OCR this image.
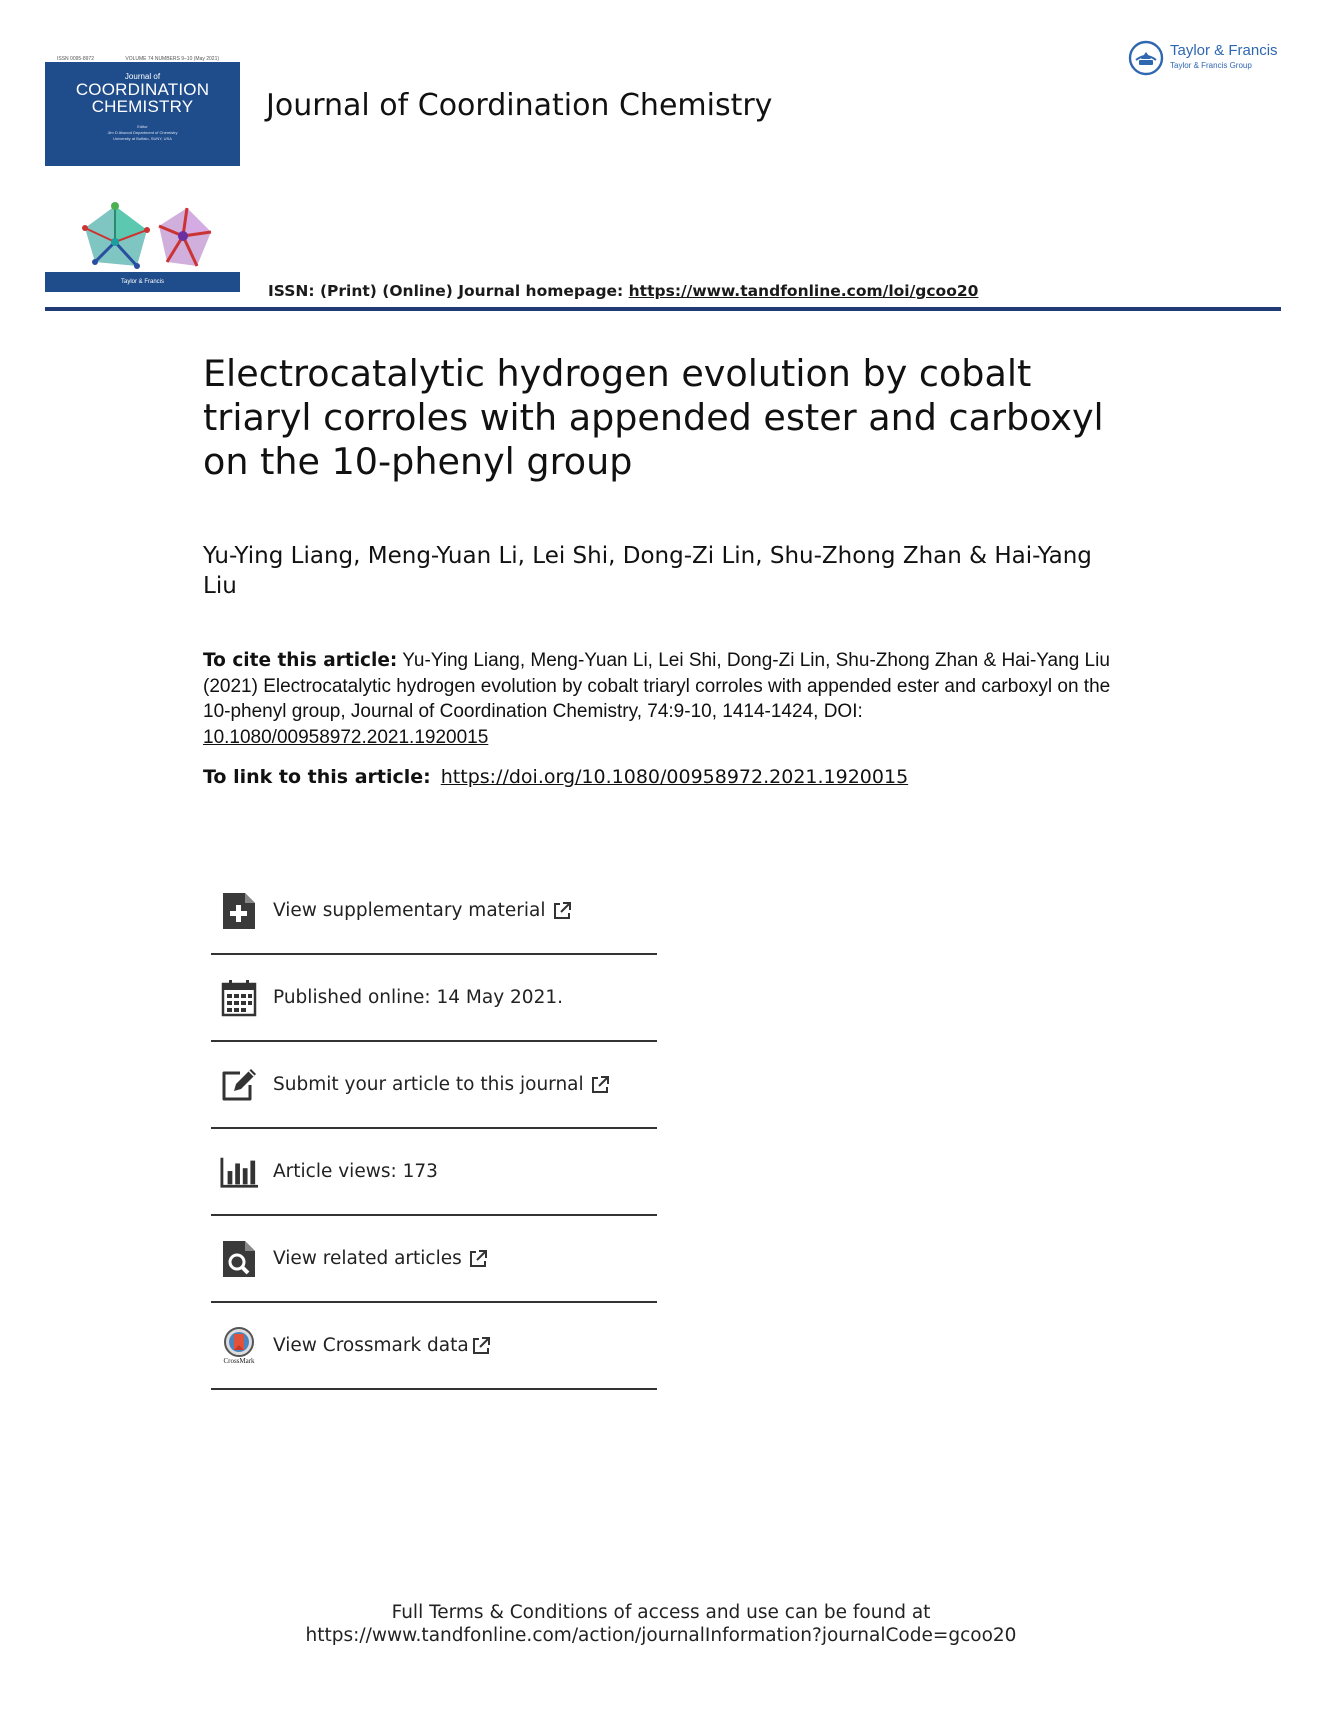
ISSN 0095-8972	VOLUME 74 NUMBERS 9–10 (May 2021)
Journal of
COORDINATION
CHEMISTRY
Editor
Jim D Atwood Department of Chemistry
University at Buffalo, SUNY, USA
Taylor & Francis
Journal of Coordination Chemistry
Taylor & Francis
Taylor & Francis Group
ISSN: (Print) (Online) Journal homepage: https://www.tandfonline.com/loi/gcoo20
Electrocatalytic hydrogen evolution by cobalt triaryl corroles with appended ester and carboxyl on the 10-phenyl group
Yu-Ying Liang, Meng-Yuan Li, Lei Shi, Dong-Zi Lin, Shu-Zhong Zhan & Hai-Yang Liu
To cite this article: Yu-Ying Liang, Meng-Yuan Li, Lei Shi, Dong-Zi Lin, Shu-Zhong Zhan & Hai-Yang Liu (2021) Electrocatalytic hydrogen evolution by cobalt triaryl corroles with appended ester and carboxyl on the 10-phenyl group, Journal of Coordination Chemistry, 74:9-10, 1414-1424, DOI: 10.1080/00958972.2021.1920015
To link to this article: https://doi.org/10.1080/00958972.2021.1920015
View supplementary material
Published online: 14 May 2021.
Submit your article to this journal
Article views: 173
View related articles
CrossMark
View Crossmark data
Full Terms & Conditions of access and use can be found at
https://www.tandfonline.com/action/journalInformation?journalCode=gcoo20
